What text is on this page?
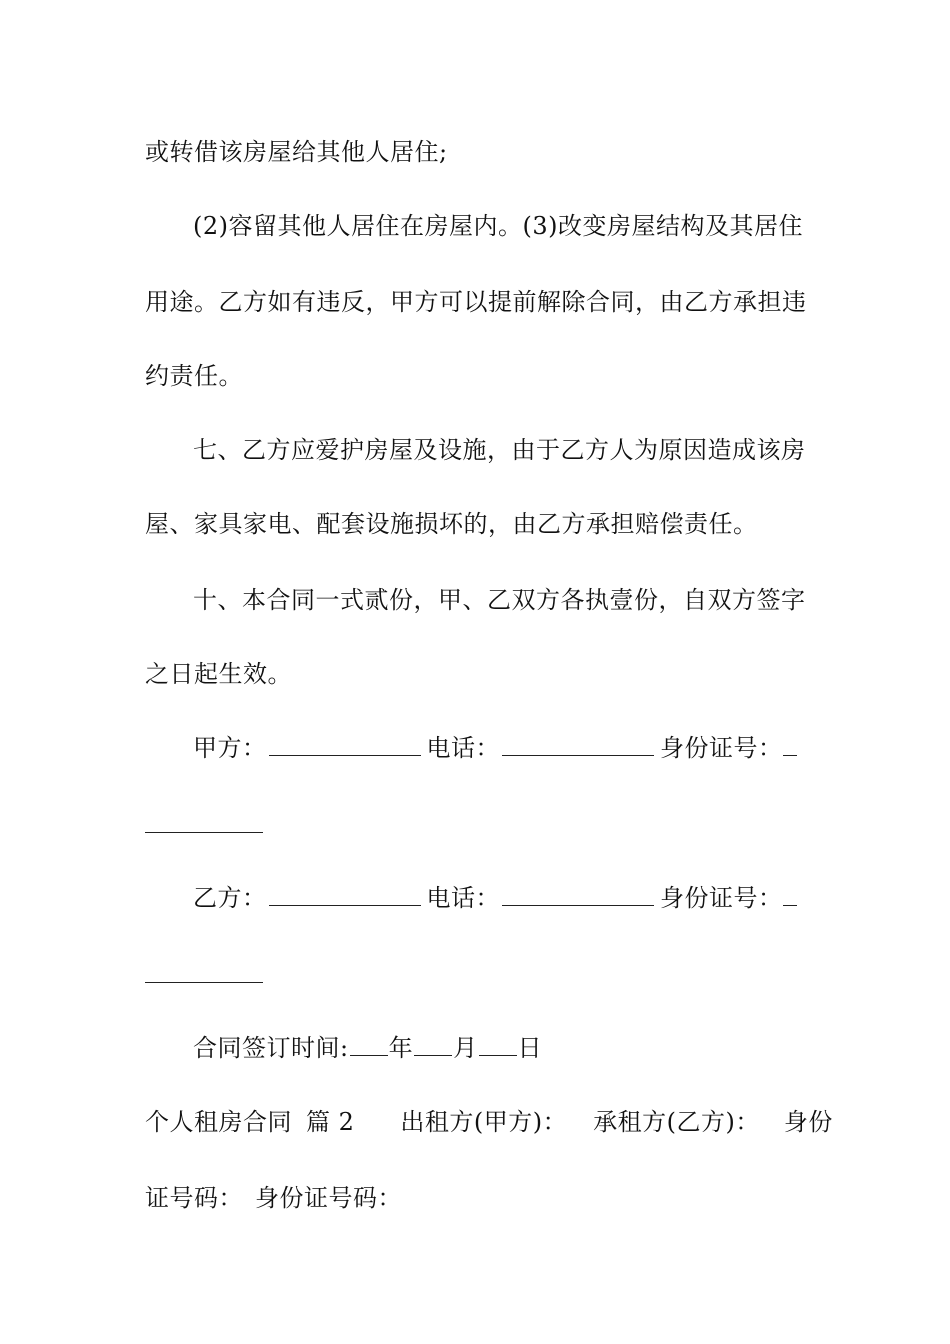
或转借该房屋给其他人居住;
(2)容留其他人居住在房屋内。(3)改变房屋结构及其居住
用途。乙方如有违反，甲方可以提前解除合同，由乙方承担违
约责任。
七、乙方应爱护房屋及设施，由于乙方人为原因造成该房
屋、家具家电、配套设施损坏的，由乙方承担赔偿责任。
十、本合同一式贰份，甲、乙双方各执壹份，自双方签字
之日起生效。
甲方：	电话：	身份证号：
乙方：	电话：	身份证号：
合同签订时间: 年 月 日
个人租房合同 篇 2 出租方(甲方)： 承租方(乙方)： 身份
证号码： 身份证号码：
